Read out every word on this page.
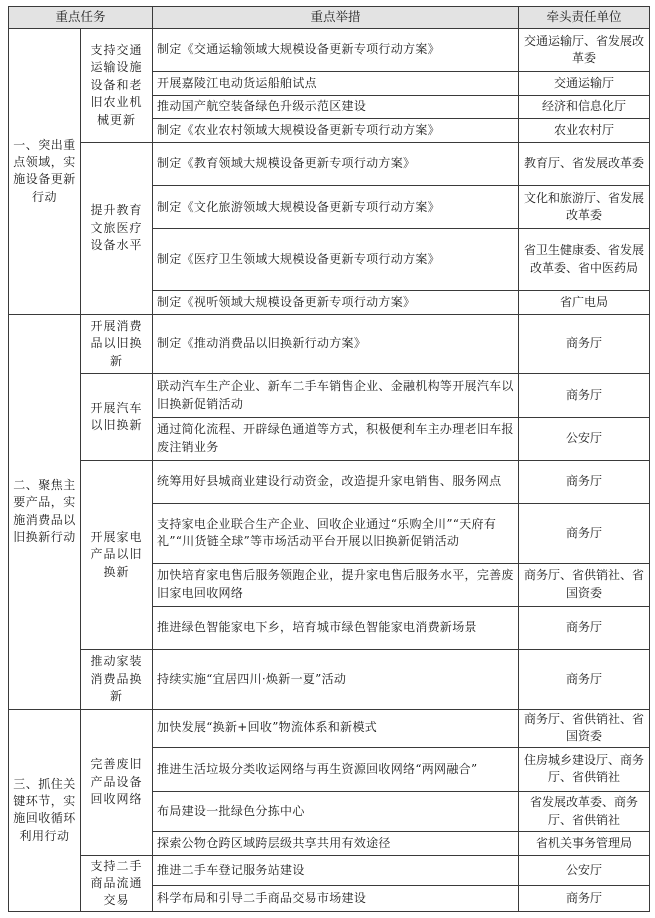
重点任务		重点举措	牵头责任单位
一、突出重点领域，实施设备更新行动	支持交通运输设施设备和老旧农业机械更新	制定《交通运输领域大规模设备更新专项行动方案》	交通运输厅、省发展改革委
		开展嘉陵江电动货运船舶试点	交通运输厅
		推动国产航空装备绿色升级示范区建设	经济和信息化厅
		制定《农业农村领域大规模设备更新专项行动方案》	农业农村厅
	提升教育文旅医疗设备水平	制定《教育领域大规模设备更新专项行动方案》	教育厅、省发展改革委
		制定《文化旅游领域大规模设备更新专项行动方案》	文化和旅游厅、省发展改革委
		制定《医疗卫生领域大规模设备更新专项行动方案》	省卫生健康委、省发展改革委、省中医药局
		制定《视听领域大规模设备更新专项行动方案》	省广电局
二、聚焦主要产品，实施消费品以旧换新行动	开展消费品以旧换新	制定《推动消费品以旧换新行动方案》	商务厅
	开展汽车以旧换新	联动汽车生产企业、新车二手车销售企业、金融机构等开展汽车以旧换新促销活动	商务厅
		通过简化流程、开辟绿色通道等方式，积极便利车主办理老旧车报废注销业务	公安厅
	开展家电产品以旧换新	统筹用好县城商业建设行动资金，改造提升家电销售、服务网点	商务厅
		支持家电企业联合生产企业、回收企业通过“乐购全川”“天府有礼”“川货链全球”等市场活动平台开展以旧换新促销活动	商务厅
		加快培育家电售后服务领跑企业，提升家电售后服务水平，完善废旧家电回收网络	商务厅、省供销社、省国资委
		推进绿色智能家电下乡，培育城市绿色智能家电消费新场景	商务厅
	推动家装消费品换新	持续实施“宜居四川·焕新一夏”活动	商务厅
三、抓住关键环节，实施回收循环利用行动	完善废旧产品设备回收网络	加快发展“换新+回收”物流体系和新模式	商务厅、省供销社、省国资委
		推进生活垃圾分类收运网络与再生资源回收网络“两网融合”	住房城乡建设厅、商务厅、省供销社
		布局建设一批绿色分拣中心	省发展改革委、商务厅、省供销社
		探索公物仓跨区域跨层级共享共用有效途径	省机关事务管理局
	支持二手商品流通交易	推进二手车登记服务站建设	公安厅
		科学布局和引导二手商品交易市场建设	商务厅
